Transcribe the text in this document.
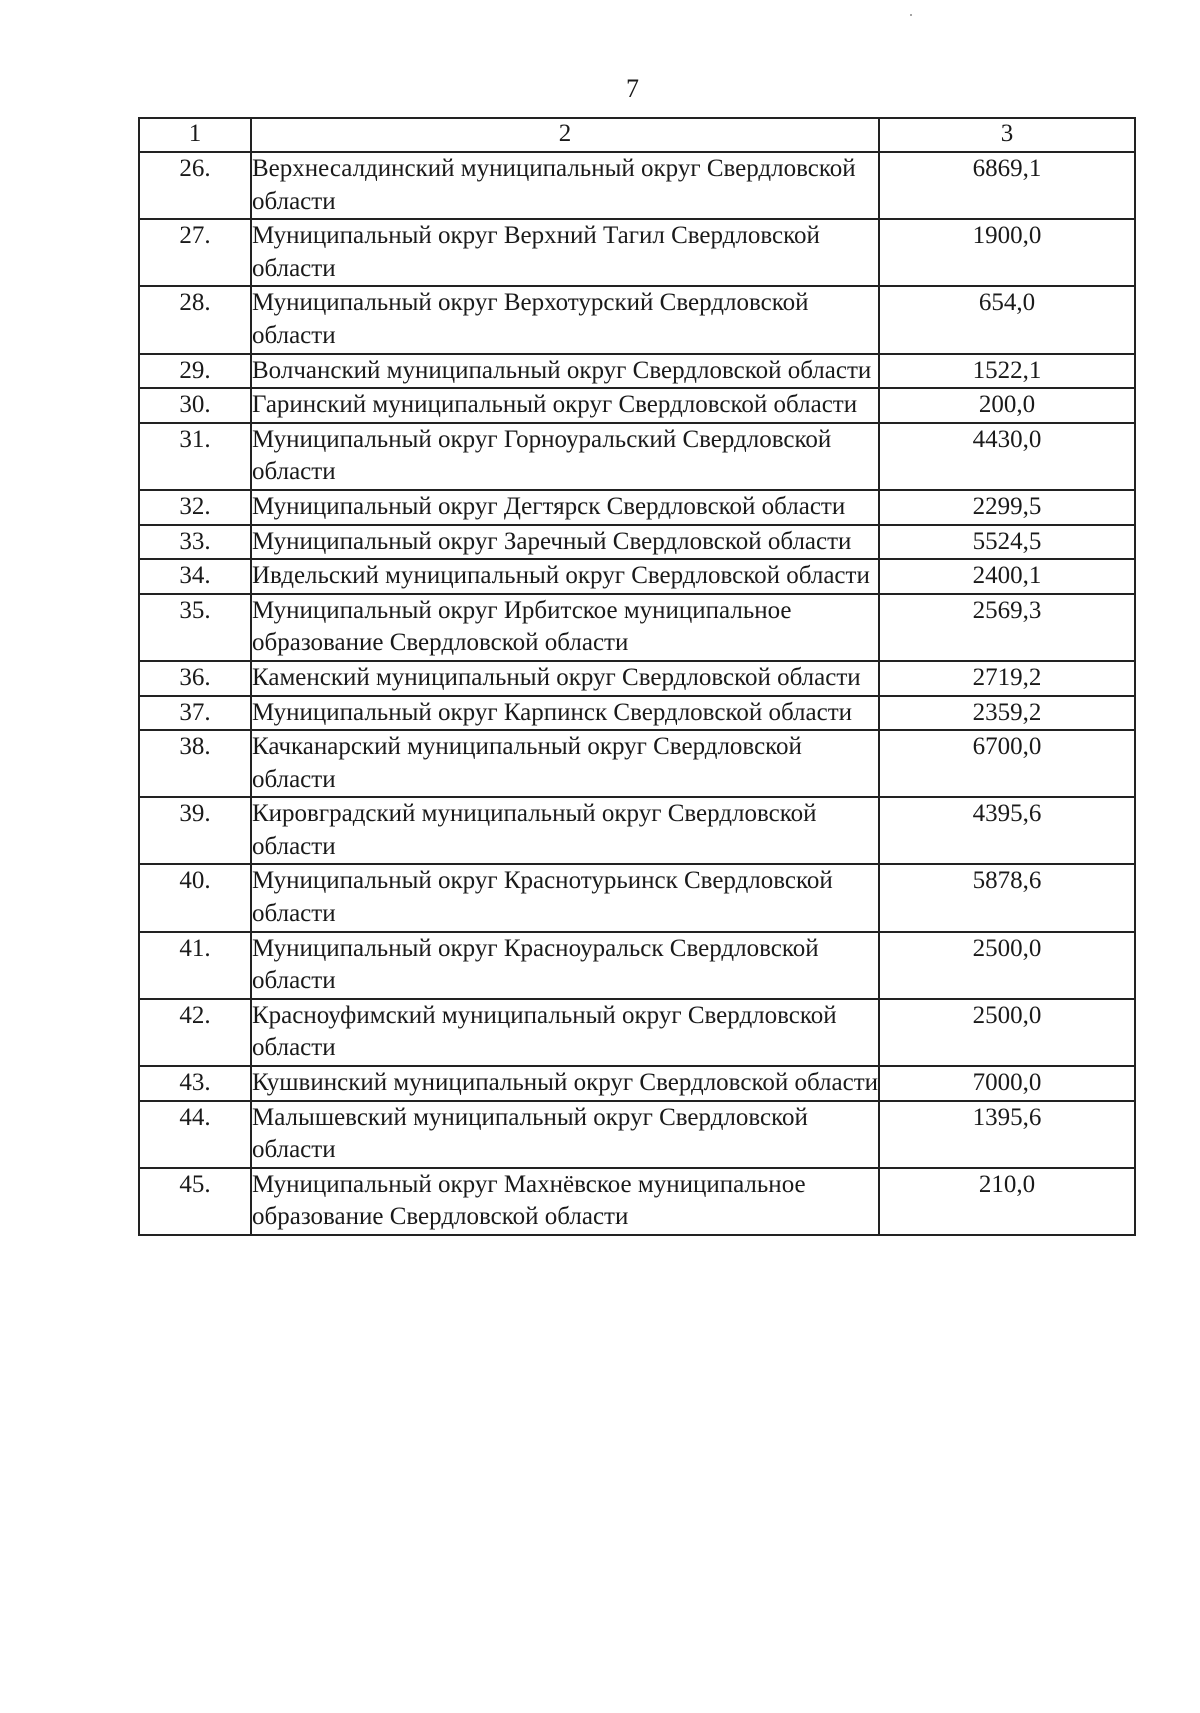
7
1	2	3
26.	Верхнесалдинский муниципальный округ Свердловской области	6869,1
27.	Муниципальный округ Верхний Тагил Свердловской области	1900,0
28.	Муниципальный округ Верхотурский Свердловской области	654,0
29.	Волчанский муниципальный округ Свердловской области	1522,1
30.	Гаринский муниципальный округ Свердловской области	200,0
31.	Муниципальный округ Горноуральский Свердловской области	4430,0
32.	Муниципальный округ Дегтярск Свердловской области	2299,5
33.	Муниципальный округ Заречный Свердловской области	5524,5
34.	Ивдельский муниципальный округ Свердловской области	2400,1
35.	Муниципальный округ Ирбитское муниципальное образование Свердловской области	2569,3
36.	Каменский муниципальный округ Свердловской области	2719,2
37.	Муниципальный округ Карпинск Свердловской области	2359,2
38.	Качканарский муниципальный округ Свердловской области	6700,0
39.	Кировградский муниципальный округ Свердловской области	4395,6
40.	Муниципальный округ Краснотурьинск Свердловской области	5878,6
41.	Муниципальный округ Красноуральск Свердловской области	2500,0
42.	Красноуфимский муниципальный округ Свердловской области	2500,0
43.	Кушвинский муниципальный округ Свердловской области	7000,0
44.	Малышевский муниципальный округ Свердловской области	1395,6
45.	Муниципальный округ Махнёвское муниципальное образование Свердловской области	210,0
